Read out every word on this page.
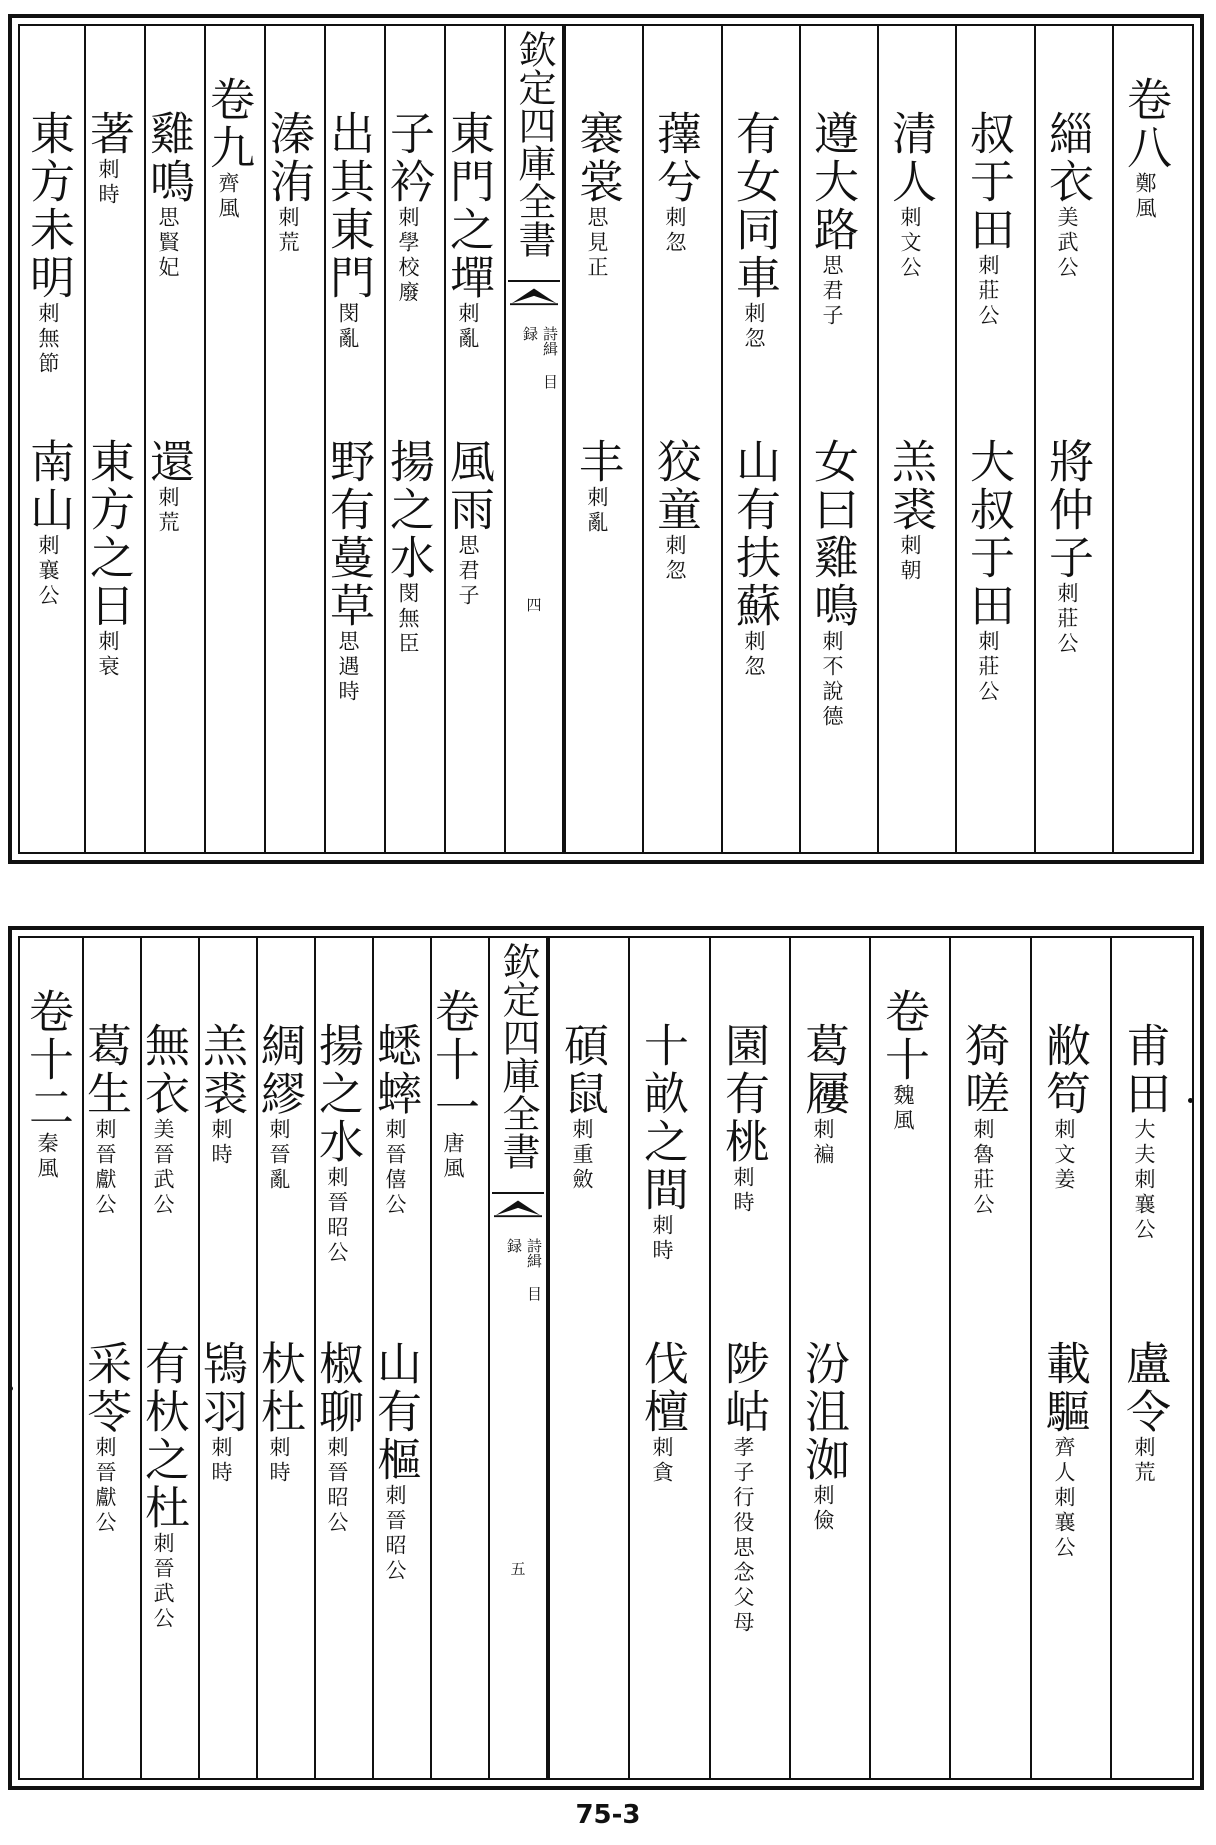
欽定四庫全書
詩緝 目録
四
卷八鄭風
緇衣美武公
將仲子刺莊公
叔于田刺莊公
大叔于田刺莊公
清人刺文公
羔裘刺朝
遵大路思君子
女曰雞鳴刺不說德
有女同車刺忽
山有扶蘇刺忽
蘀兮刺忽
狡童刺忽
褰裳思見正
丰刺亂
東門之墠刺亂
風雨思君子
子衿刺學校廢
揚之水閔無臣
出其東門閔亂
野有蔓草思遇時
溱洧刺荒
卷九齊風
雞鳴思賢妃
還刺荒
著刺時
東方之日刺衰
東方未明刺無節
南山刺襄公
欽定四庫全書
詩緝 目録
五
甫田大夫刺襄公
盧令刺荒
敝笱刺文姜
載驅齊人刺襄公
猗嗟刺魯莊公
卷十魏風
葛屨刺褊
汾沮洳刺儉
園有桃刺時
陟岵孝子行役思念父母
十畝之間刺時
伐檀刺貪
碩鼠刺重斂
卷十一唐風
蟋蟀刺晉僖公
山有樞刺晉昭公
揚之水刺晉昭公
椒聊刺晉昭公
綢繆刺晉亂
杕杜刺時
羔裘刺時
鴇羽刺時
無衣美晉武公
有杕之杜刺晉武公
葛生刺晉獻公
采苓刺晉獻公
卷十二秦風
75-3
